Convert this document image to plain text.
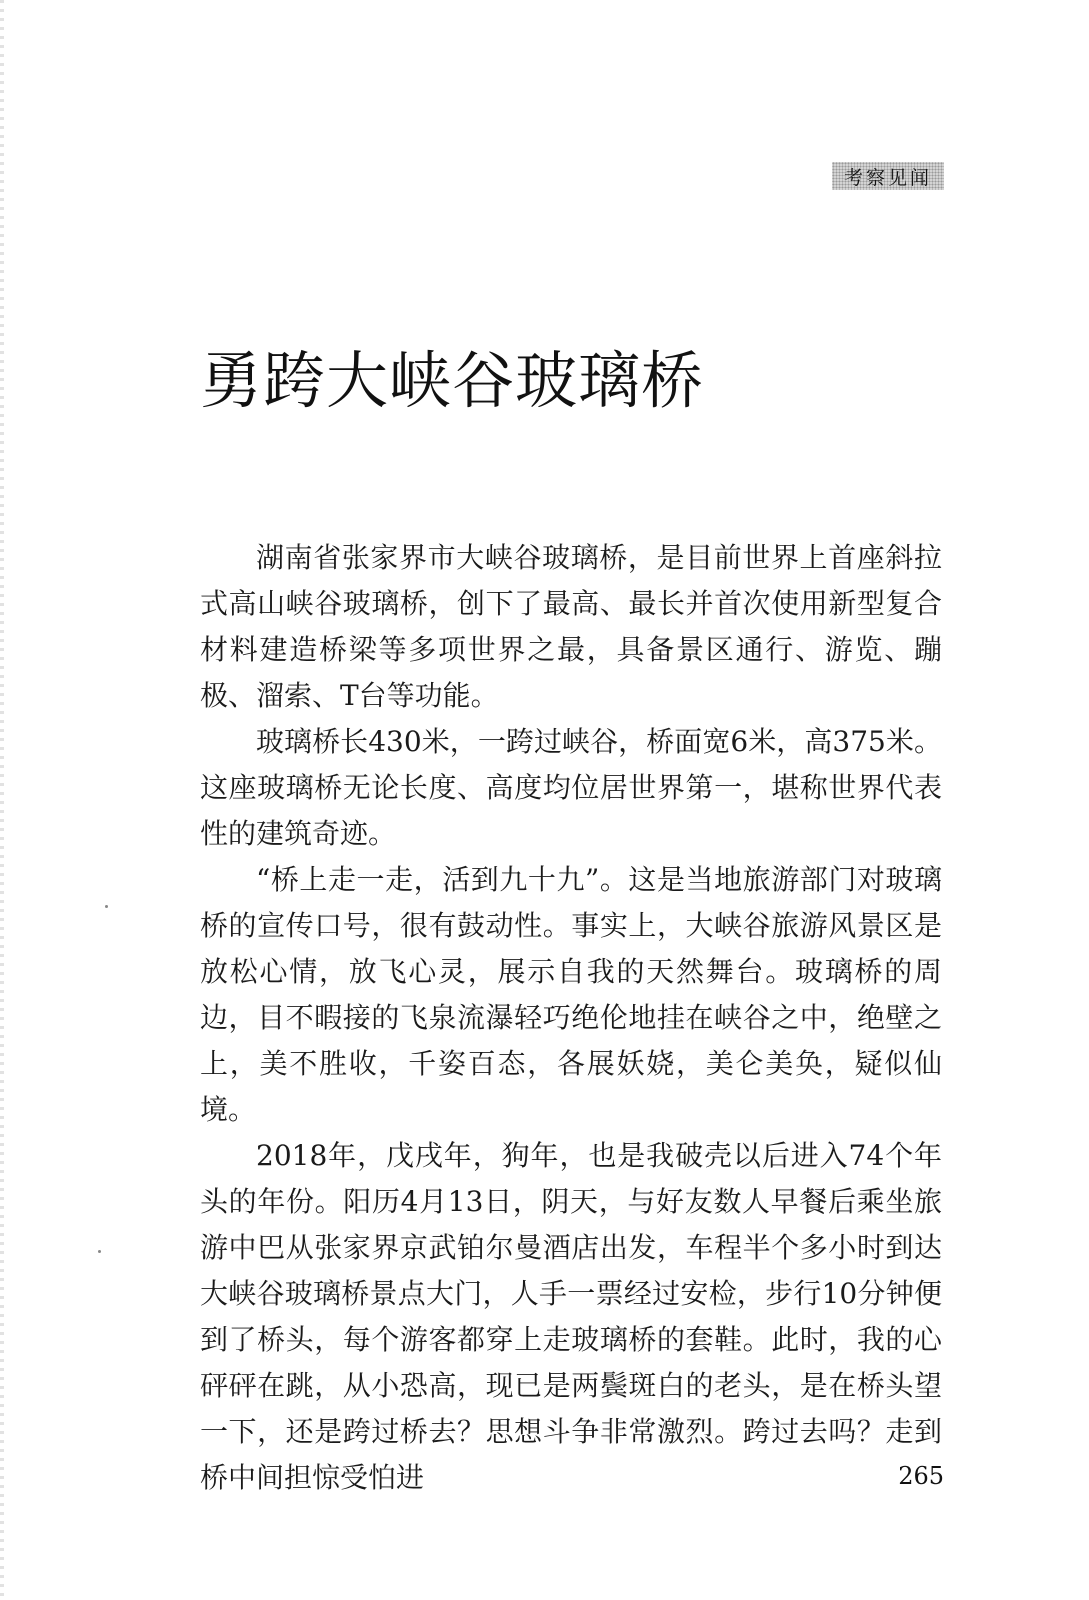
考察见闻
勇跨大峡谷玻璃桥

湖南省张家界市大峡谷玻璃桥，是目前世界上首座斜拉式高山峡谷玻璃桥，创下了最高、最长并首次使用新型复合材料建造桥梁等多项世界之最，具备景区通行、游览、蹦极、溜索、T台等功能。

玻璃桥长430米，一跨过峡谷，桥面宽6米，高375米。这座玻璃桥无论长度、高度均位居世界第一，堪称世界代表性的建筑奇迹。

“桥上走一走，活到九十九”。这是当地旅游部门对玻璃桥的宣传口号，很有鼓动性。事实上，大峡谷旅游风景区是放松心情，放飞心灵，展示自我的天然舞台。玻璃桥的周边，目不暇接的飞泉流瀑轻巧绝伦地挂在峡谷之中，绝壁之上，美不胜收，千姿百态，各展妖娆，美仑美奂，疑似仙境。

2018年，戊戌年，狗年，也是我破壳以后进入74个年头的年份。阳历4月13日，阴天，与好友数人早餐后乘坐旅游中巴从张家界京武铂尔曼酒店出发，车程半个多小时到达大峡谷玻璃桥景点大门，人手一票经过安检，步行10分钟便到了桥头，每个游客都穿上走玻璃桥的套鞋。此时，我的心砰砰在跳，从小恐高，现已是两鬓斑白的老头，是在桥头望一下，还是跨过桥去？思想斗争非常激烈。跨过去吗？走到桥中间担惊受怕进	265
